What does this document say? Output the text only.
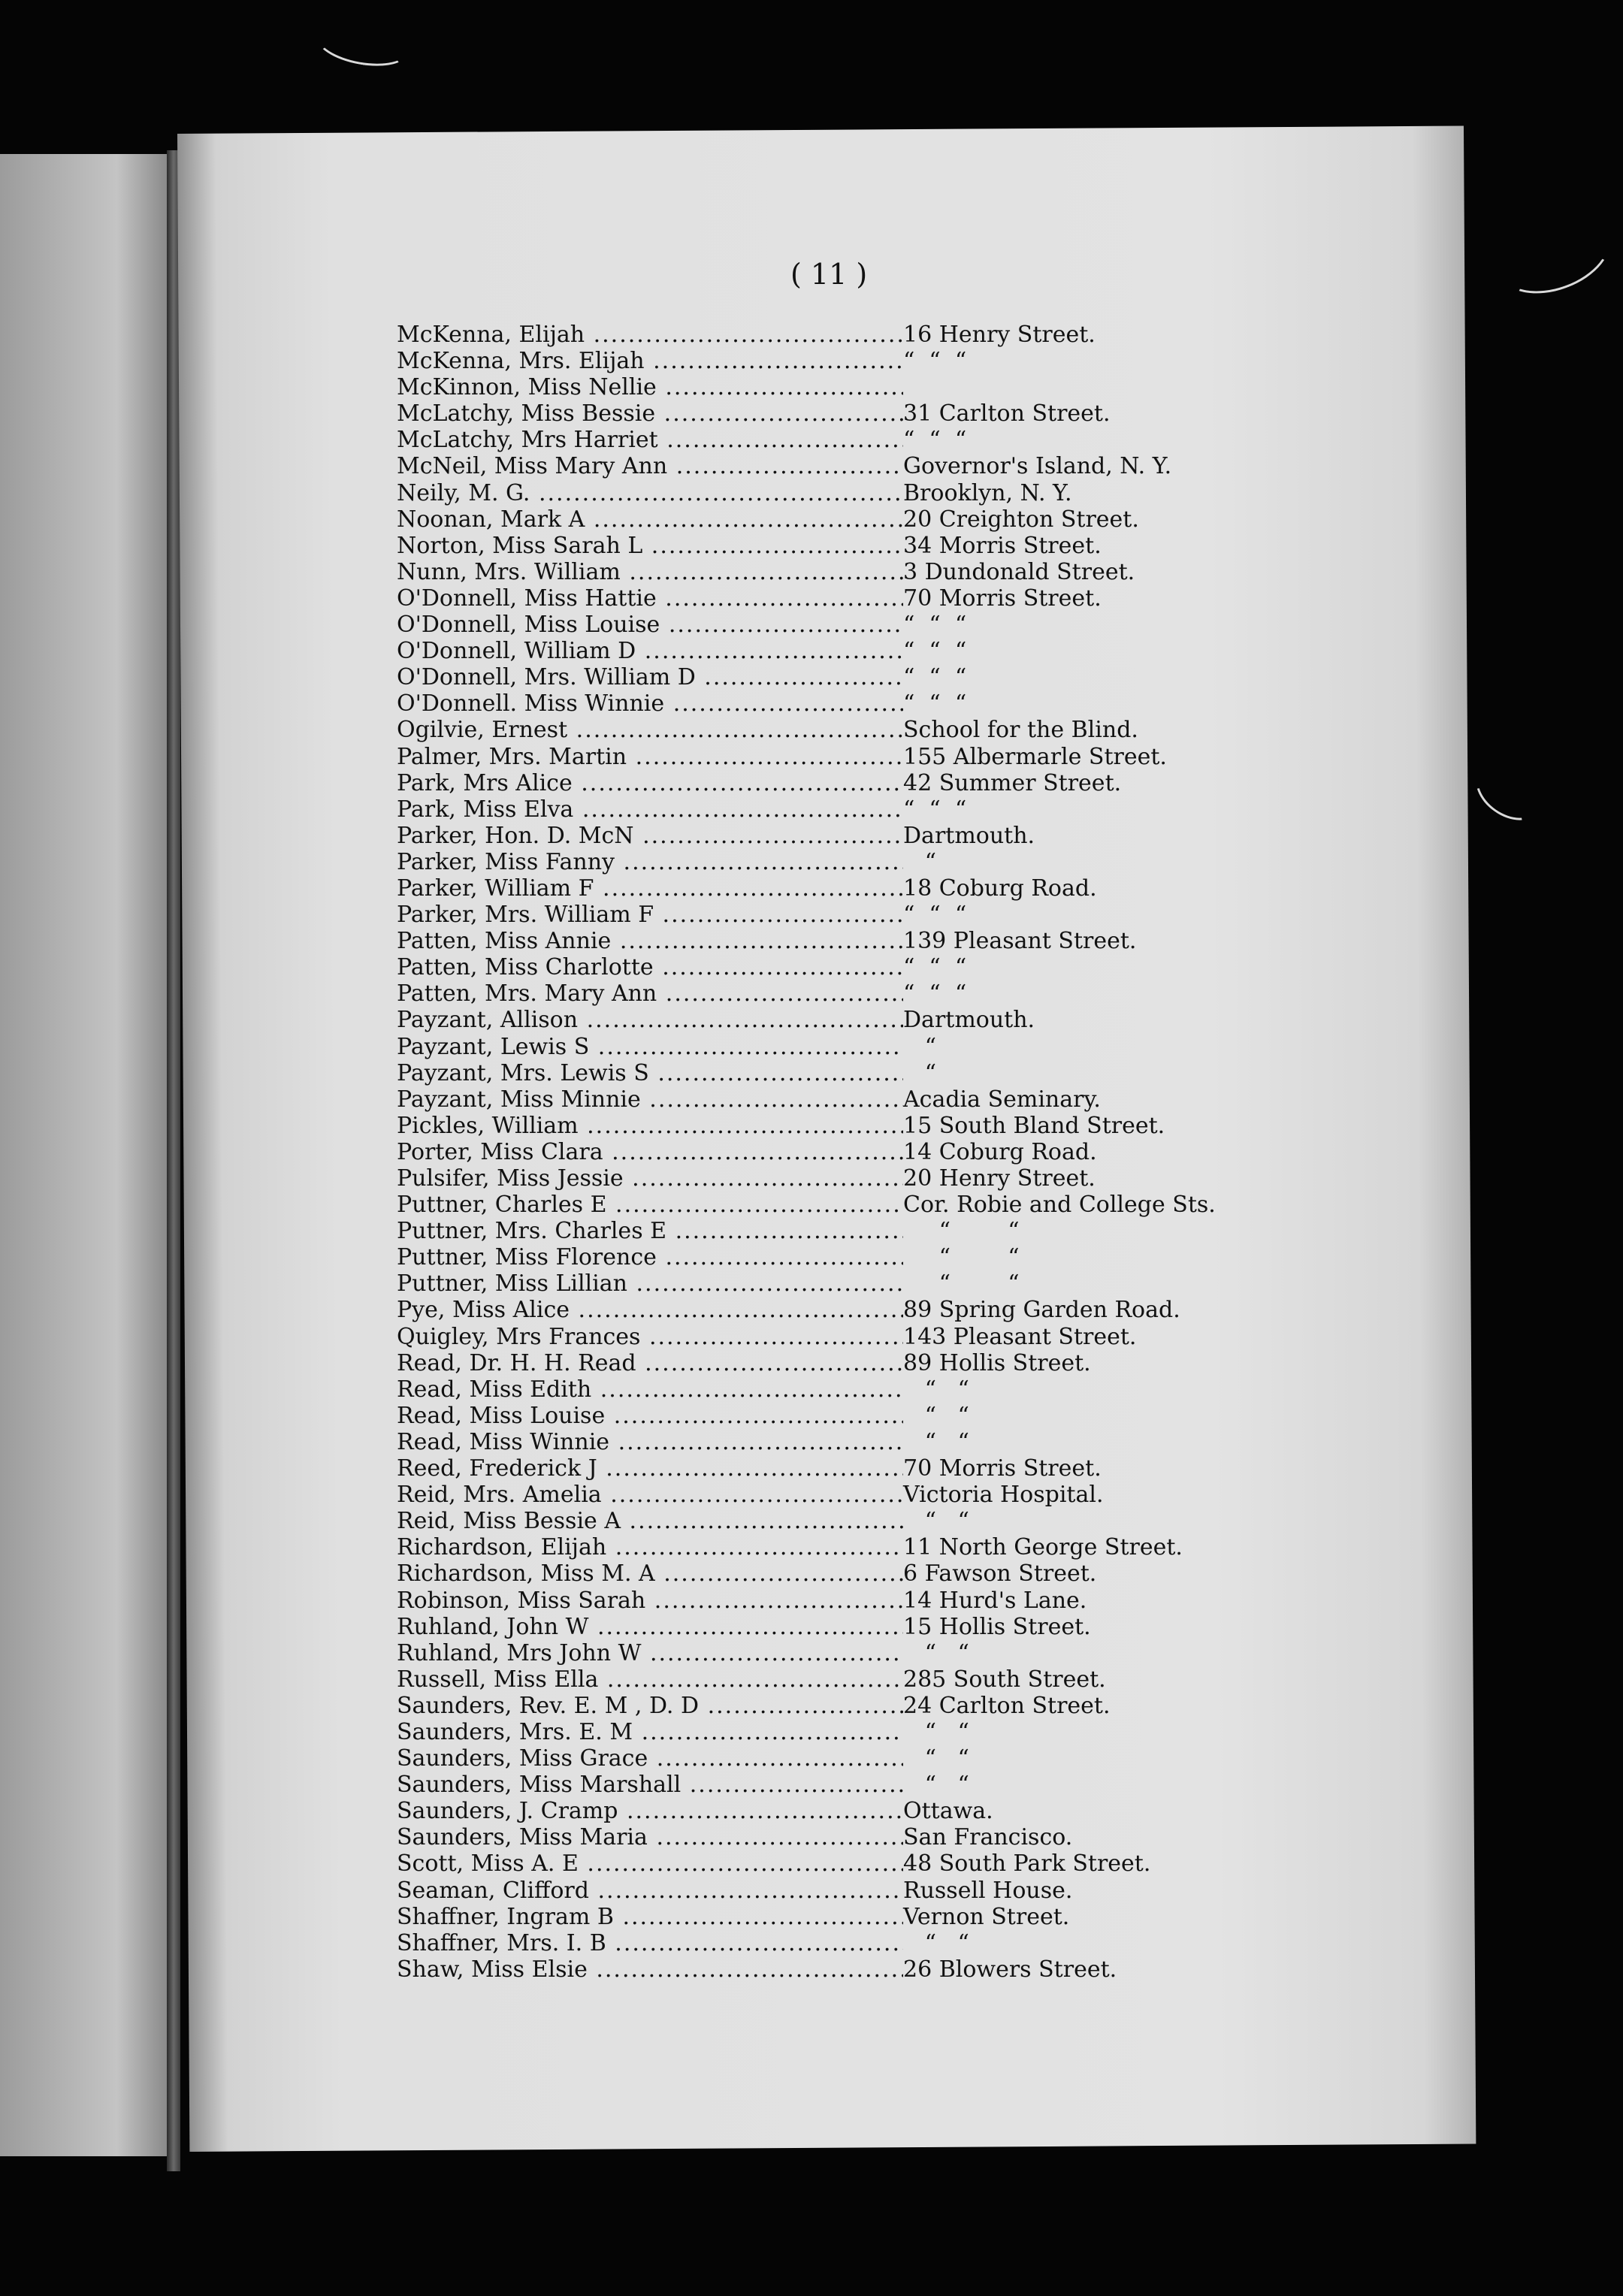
( 11 )
McKenna, Elijah .....	16 Henry Street.
McKenna, Mrs. Elijah .....	“  “  “
McKinnon, Miss Nellie .....
McLatchy, Miss Bessie .....	31 Carlton Street.
McLatchy, Mrs Harriet .....	“  “  “
McNeil, Miss Mary Ann .....	Governor's Island, N. Y.
Neily, M. G. .....	Brooklyn, N. Y.
Noonan, Mark A .....	20 Creighton Street.
Norton, Miss Sarah L .....	34 Morris Street.
Nunn, Mrs. William .....	3 Dundonald Street.
O'Donnell, Miss Hattie .....	70 Morris Street.
O'Donnell, Miss Louise .....	“  “  “
O'Donnell, William D .....	“  “  “
O'Donnell, Mrs. William D .....	“  “  “
O'Donnell. Miss Winnie .....	“  “  “
Ogilvie, Ernest .....	School for the Blind.
Palmer, Mrs. Martin .....	155 Albermarle Street.
Park, Mrs Alice .....	42 Summer Street.
Park, Miss Elva .....	“  “  “
Parker, Hon. D. McN .....	Dartmouth.
Parker, Miss Fanny .....	“
Parker, William F .....	18 Coburg Road.
Parker, Mrs. William F .....	“  “  “
Patten, Miss Annie .....	139 Pleasant Street.
Patten, Miss Charlotte .....	“  “  “
Patten, Mrs. Mary Ann .....	“  “  “
Payzant, Allison .....	Dartmouth.
Payzant, Lewis S .....	“
Payzant, Mrs. Lewis S .....	“
Payzant, Miss Minnie .....	Acadia Seminary.
Pickles, William .....	15 South Bland Street.
Porter, Miss Clara .....	14 Coburg Road.
Pulsifer, Miss Jessie .....	20 Henry Street.
Puttner, Charles E .....	Cor. Robie and College Sts.
Puttner, Mrs. Charles E .....	“        “
Puttner, Miss Florence .....	“        “
Puttner, Miss Lillian .....	“        “
Pye, Miss Alice .....	89 Spring Garden Road.
Quigley, Mrs Frances .....	143 Pleasant Street.
Read, Dr. H. H. Read .....	89 Hollis Street.
Read, Miss Edith .....	“   “
Read, Miss Louise .....	“   “
Read, Miss Winnie .....	“   “
Reed, Frederick J .....	70 Morris Street.
Reid, Mrs. Amelia .....	Victoria Hospital.
Reid, Miss Bessie A .....	“   “
Richardson, Elijah .....	11 North George Street.
Richardson, Miss M. A .....	6 Fawson Street.
Robinson, Miss Sarah .....	14 Hurd's Lane.
Ruhland, John W .....	15 Hollis Street.
Ruhland, Mrs John W .....	“   “
Russell, Miss Ella .....	285 South Street.
Saunders, Rev. E. M , D. D .....	24 Carlton Street.
Saunders, Mrs. E. M .....	“   “
Saunders, Miss Grace .....	“   “
Saunders, Miss Marshall .....	“   “
Saunders, J. Cramp .....	Ottawa.
Saunders, Miss Maria .....	San Francisco.
Scott, Miss A. E .....	48 South Park Street.
Seaman, Clifford .....	Russell House.
Shaffner, Ingram B .....	Vernon Street.
Shaffner, Mrs. I. B .....	“   “
Shaw, Miss Elsie .....	26 Blowers Street.
